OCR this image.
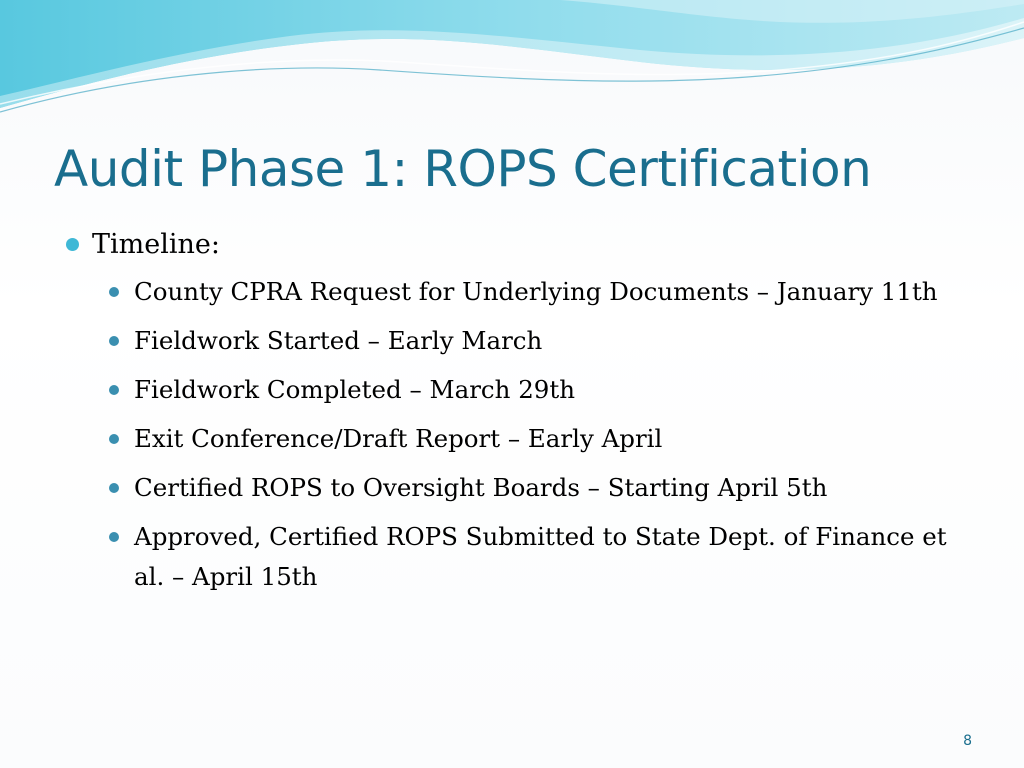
Audit Phase 1: ROPS Certification
Timeline:
County CPRA Request for Underlying Documents – January 11th
Fieldwork Started – Early March
Fieldwork Completed – March 29th
Exit Conference/Draft Report – Early April
Certified ROPS to Oversight Boards – Starting April 5th
Approved, Certified ROPS Submitted to State Dept. of Finance et al. – April 15th
8
